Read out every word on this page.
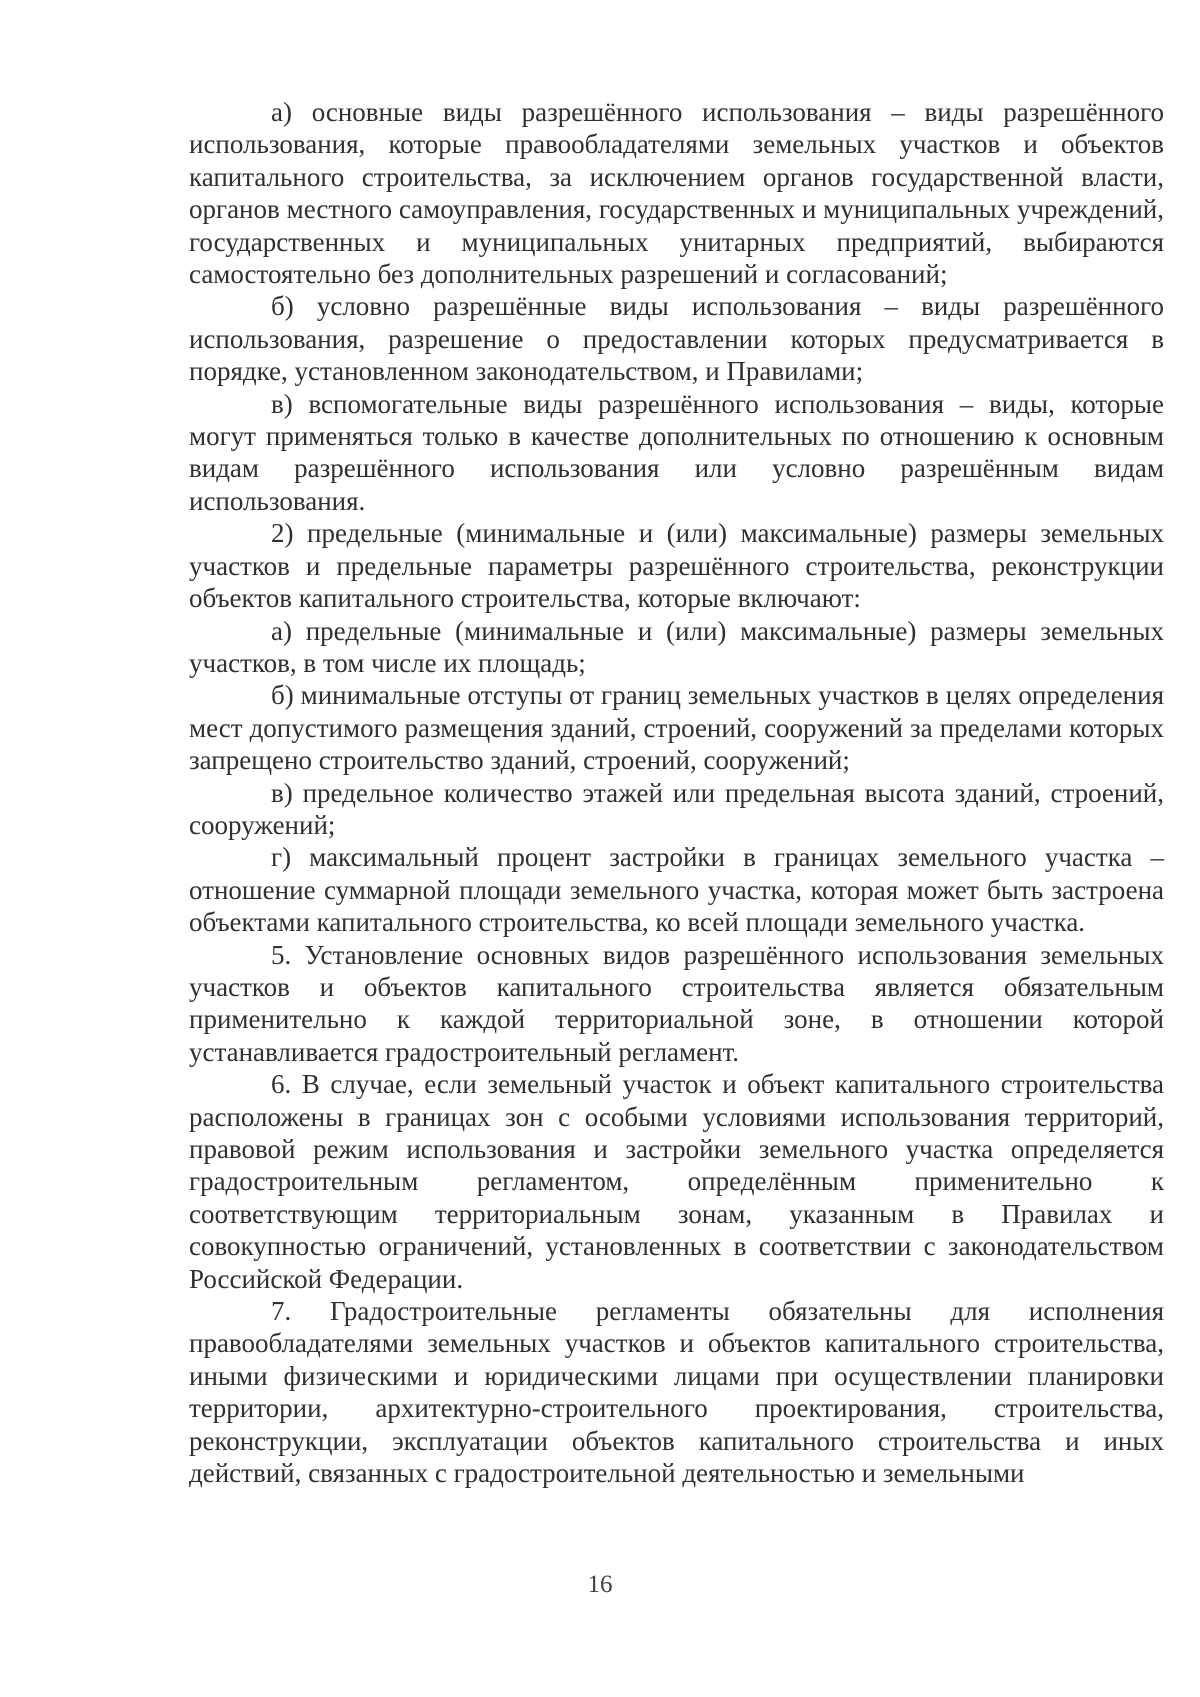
а) основные виды разрешённого использования – виды разрешённого использования, которые правообладателями земельных участков и объектов капитального строительства, за исключением органов государственной власти, органов местного самоуправления, государственных и муниципальных учреждений, государственных и муниципальных унитарных предприятий, выбираются самостоятельно без дополнительных разрешений и согласований;

б) условно разрешённые виды использования – виды разрешённого использования, разрешение о предоставлении которых предусматривается в порядке, установленном законодательством, и Правилами;

в) вспомогательные виды разрешённого использования – виды, которые могут применяться только в качестве дополнительных по отношению к основным видам разрешённого использования или условно разрешённым видам использования.

2) предельные (минимальные и (или) максимальные) размеры земельных участков и предельные параметры разрешённого строительства, реконструкции объектов капитального строительства, которые включают:

а) предельные (минимальные и (или) максимальные) размеры земельных участков, в том числе их площадь;

б) минимальные отступы от границ земельных участков в целях определения мест допустимого размещения зданий, строений, сооружений за пределами которых запрещено строительство зданий, строений, сооружений;

в) предельное количество этажей или предельная высота зданий, строений, сооружений;

г) максимальный процент застройки в границах земельного участка – отношение суммарной площади земельного участка, которая может быть застроена объектами капитального строительства, ко всей площади земельного участка.

5. Установление основных видов разрешённого использования земельных участков и объектов капитального строительства является обязательным применительно к каждой территориальной зоне, в отношении которой устанавливается градостроительный регламент.

6. В случае, если земельный участок и объект капитального строительства расположены в границах зон с особыми условиями использования территорий, правовой режим использования и застройки земельного участка определяется градостроительным регламентом, определённым применительно к соответствующим территориальным зонам, указанным в Правилах и совокупностью ограничений, установленных в соответствии с законодательством Российской Федерации.

7. Градостроительные регламенты обязательны для исполнения правообладателями земельных участков и объектов капитального строительства, иными физическими и юридическими лицами при осуществлении планировки территории, архитектурно-строительного проектирования, строительства, реконструкции, эксплуатации объектов капитального строительства и иных действий, связанных с градостроительной деятельностью и земельными

16
